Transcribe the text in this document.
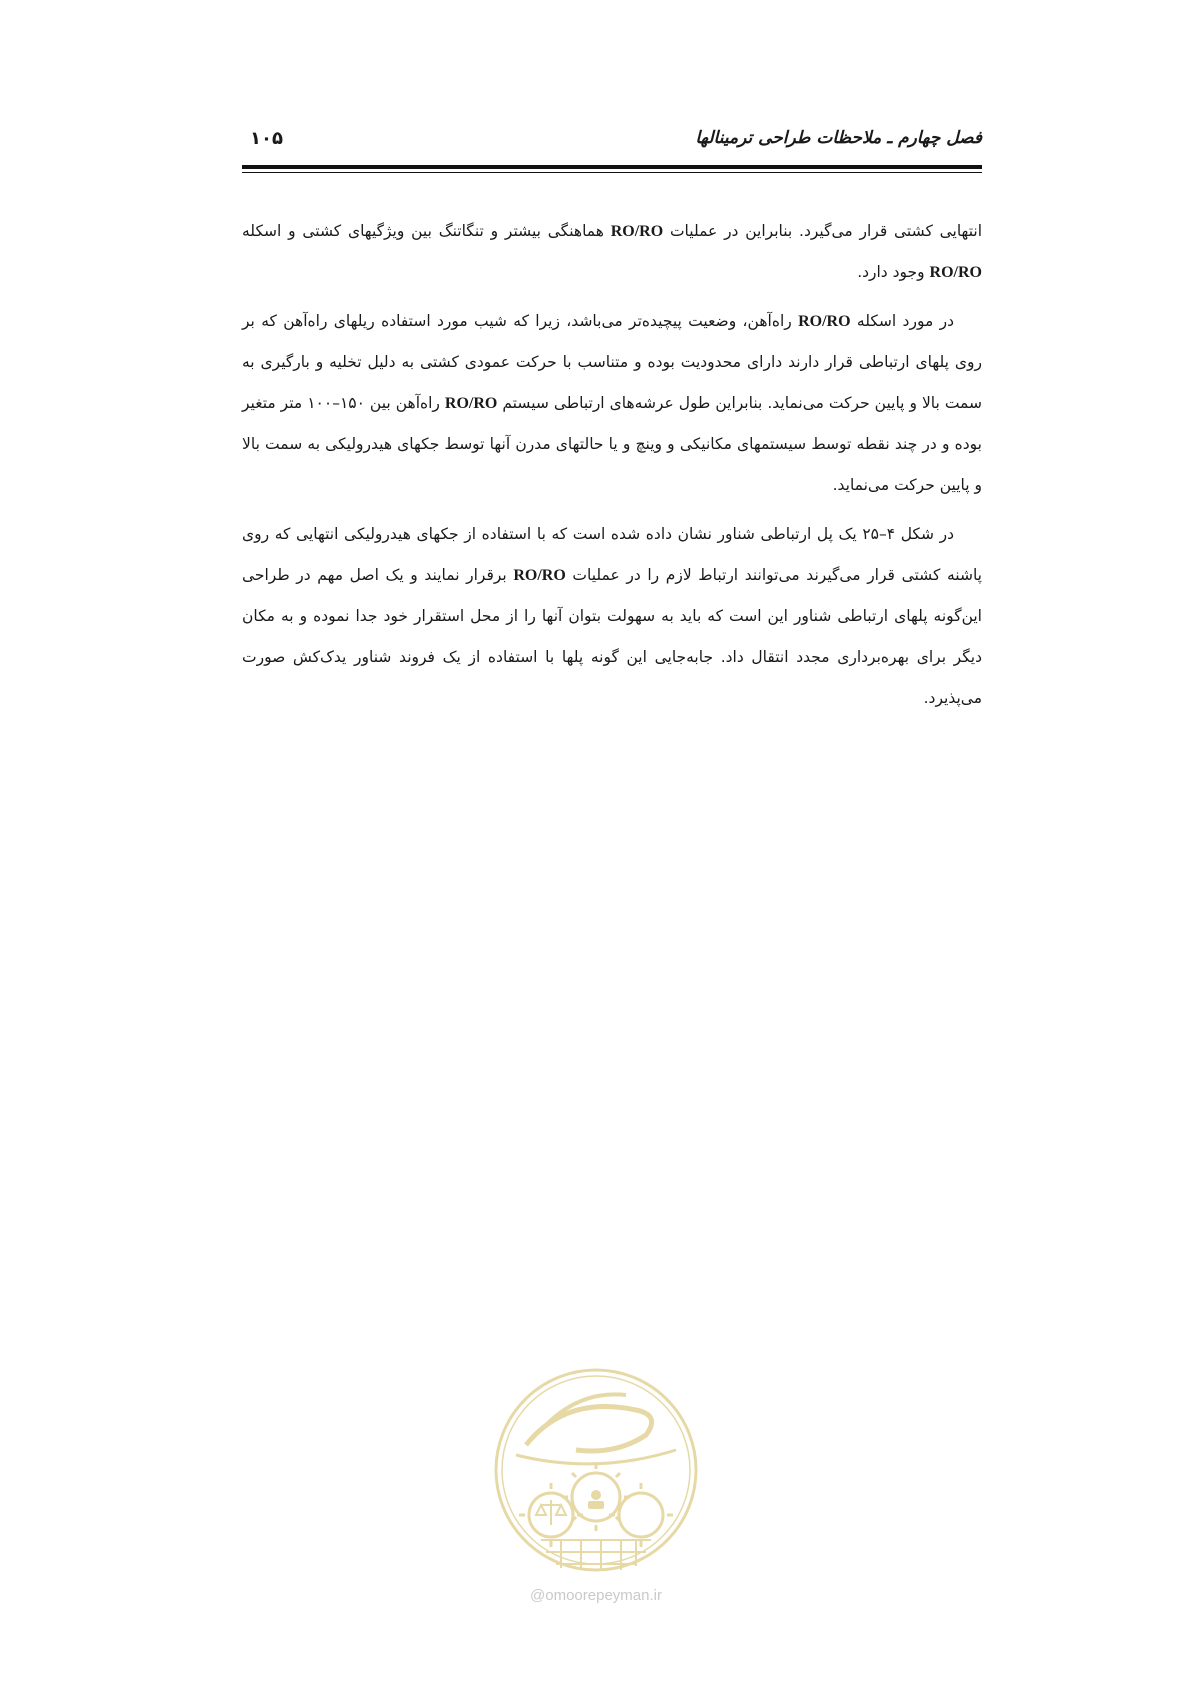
فصل چهارم ـ ملاحظات طراحی ترمینالها
۱۰۵

انتهایی کشتی قرار می‌گیرد. بنابراین در عملیات RO/RO هماهنگی بیشتر و تنگاتنگ بین ویژگیهای کشتی و اسکله RO/RO وجود دارد.

در مورد اسکله RO/RO راه‌آهن، وضعیت پیچیده‌تر می‌باشد، زیرا که شیب مورد استفاده ریلهای راه‌آهن که بر روی پلهای ارتباطی قرار دارند دارای محدودیت بوده و متناسب با حرکت عمودی کشتی به دلیل تخلیه و بارگیری به سمت بالا و پایین حرکت می‌نماید. بنابراین طول عرشه‌های ارتباطی سیستم RO/RO راه‌آهن بین ۱۵۰–۱۰۰ متر متغیر بوده و در چند نقطه توسط سیستمهای مکانیکی و وینچ و یا حالتهای مدرن آنها توسط جکهای هیدرولیکی به سمت بالا و پایین حرکت می‌نماید.

در شکل ۴–۲۵ یک پل ارتباطی شناور نشان داده شده است که با استفاده از جکهای هیدرولیکی انتهایی که روی پاشنه کشتی قرار می‌گیرند می‌توانند ارتباط لازم را در عملیات RO/RO برقرار نمایند و یک اصل مهم در طراحی این‌گونه پلهای ارتباطی شناور این است که باید به سهولت بتوان آنها را از محل استقرار خود جدا نموده و به مکان دیگر برای بهره‌برداری مجدد انتقال داد. جابه‌جایی این گونه پلها با استفاده از یک فروند شناور یدک‌کش صورت می‌پذیرد.

@omoorepeyman.ir
